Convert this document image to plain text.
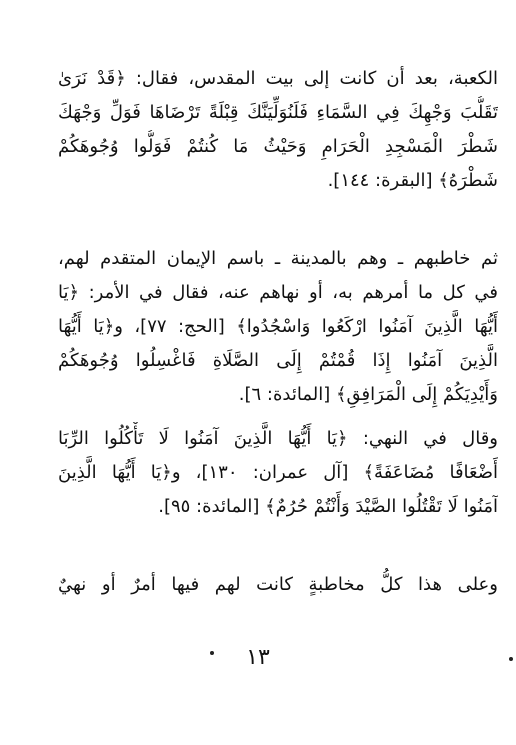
الكعبة، بعد أن كانت إلى بيت المقدس، فقال: ﴿قَدْ نَرَىٰ
تَقَلُّبَ وَجْهِكَ فِي السَّمَاءِ فَلَنُوَلِّيَنَّكَ قِبْلَةً تَرْضَاهَا فَوَلِّ وَجْهَكَ
شَطْرَ الْمَسْجِدِ الْحَرَامِ وَحَيْثُ مَا كُنتُمْ فَوَلُّوا وُجُوهَكُمْ
شَطْرَهُ﴾ [البقرة: ١٤٤].
ثم خاطبهم ـ وهم بالمدينة ـ باسم الإيمان المتقدم لهم،
في كل ما أمرهم به، أو نهاهم عنه، فقال في الأمر: ﴿يَا
أَيُّهَا الَّذِينَ آمَنُوا ارْكَعُوا وَاسْجُدُوا﴾ [الحج: ٧٧]، و﴿يَا أَيُّهَا
الَّذِينَ آمَنُوا إِذَا قُمْتُمْ إِلَى الصَّلَاةِ فَاغْسِلُوا وُجُوهَكُمْ
وَأَيْدِيَكُمْ إِلَى الْمَرَافِقِ﴾ [المائدة: ٦].
وقال في النهي: ﴿يَا أَيُّهَا الَّذِينَ آمَنُوا لَا تَأْكُلُوا الرِّبَا
أَضْعَافًا مُضَاعَفَةً﴾ [آل عمران: ١٣٠]، و﴿يَا أَيُّهَا الَّذِينَ
آمَنُوا لَا تَقْتُلُوا الصَّيْدَ وَأَنْتُمْ حُرُمٌ﴾ [المائدة: ٩٥].
وعلى هذا كلُّ مخاطبةٍ كانت لهم فيها أمرٌ أو نهيٌ
١٣
